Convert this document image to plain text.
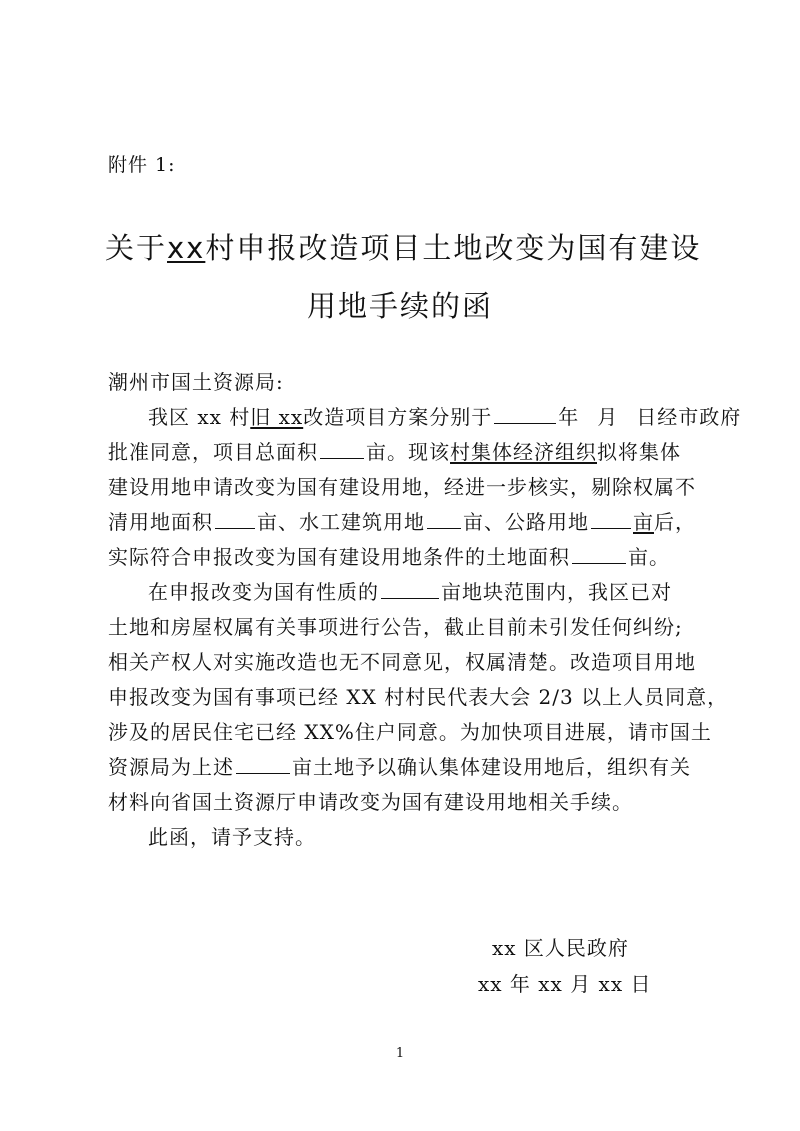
附件 1:
关于xx村申报改造项目土地改变为国有建设
用地手续的函
潮州市国土资源局:
我区 xx 村旧 xx改造项目方案分别于	年 月 日经市政府
批准同意，项目总面积 亩。现该村集体经济组织拟将集体
建设用地申请改变为国有建设用地，经进一步核实，剔除权属不
清用地面积 亩、水工建筑用地 亩、公路用地 亩后，
实际符合申报改变为国有建设用地条件的土地面积	亩。
在申报改变为国有性质的	亩地块范围内，我区已对
土地和房屋权属有关事项进行公告，截止目前未引发任何纠纷;
相关产权人对实施改造也无不同意见，权属清楚。改造项目用地
申报改变为国有事项已经 XX 村村民代表大会 2/3 以上人员同意，
涉及的居民住宅已经 XX%住户同意。为加快项目进展，请市国土
资源局为上述	亩土地予以确认集体建设用地后，组织有关
材料向省国土资源厅申请改变为国有建设用地相关手续。
此函，请予支持。
xx 区人民政府
xx 年 xx 月 xx 日
1
